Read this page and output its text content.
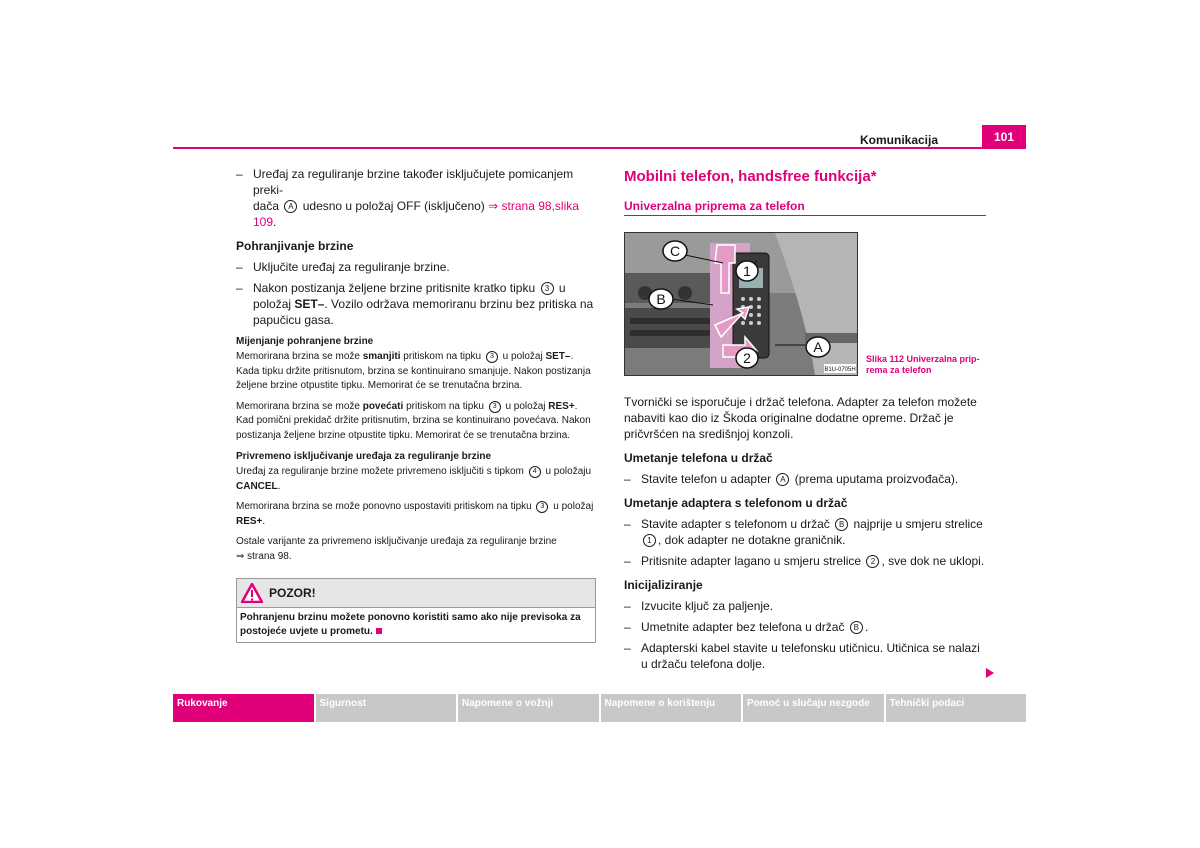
Komunikacija	101
– Uređaj za reguliranje brzine također isključujete pomicanjem preki-
dača A udesno u položaj OFF (isključeno) ⇒ strana 98,slika 109.
Pohranjivanje brzine
– Uključite uređaj za reguliranje brzine.
– Nakon postizanja željene brzine pritisnite kratko tipku 3 u položaj SET–. Vozilo održava memoriranu brzinu bez pritiska na papučicu gasa.
Mijenjanje pohranjene brzine

Memorirana brzina se može smanjiti pritiskom na tipku 3 u položaj SET–. Kada tipku držite pritisnutom, brzina se kontinuirano smanjuje. Nakon postizanja željene brzine otpustite tipku. Memorirat će se trenutačna brzina.

Memorirana brzina se može povećati pritiskom na tipku 3 u položaj RES+. Kad pomični prekidač držite pritisnutim, brzina se kontinuirano povećava. Nakon postizanja željene brzine otpustite tipku. Memorirat će se trenutačna brzina.

Privremeno isključivanje uređaja za reguliranje brzine

Uređaj za reguliranje brzine možete privremeno isključiti s tipkom 4 u položaju
CANCEL.

Memorirana brzina se može ponovno uspostaviti pritiskom na tipku 3 u položaj
RES+.

Ostale varijante za privremeno isključivanje uređaja za reguliranje brzine
⇒ strana 98.

POZOR!
Pohranjenu brzinu možete ponovno koristiti samo ako nije previsoka za postojeće uvjete u prometu.
Mobilni telefon, handsfree funkcija*
Univerzalna priprema za telefon
C
B
1
2
A
B1U-0705H
Slika 112 Univerzalna prip-
rema za telefon

Tvornički se isporučuje i držač telefona. Adapter za telefon možete nabaviti kao dio iz Škoda originalne dodatne opreme. Držač je pričvršćen na središnjoj konzoli.

Umetanje telefona u držač
– Stavite telefon u adapter A (prema uputama proizvođača).
Umetanje adaptera s telefonom u držač
– Stavite adapter s telefonom u držač B najprije u smjeru strelice 1 , dok adapter ne dotakne graničnik.
– Pritisnite adapter lagano u smjeru strelice 2 , sve dok ne uklopi.
Inicijaliziranje
– Izvucite ključ za paljenje.
– Umetnite adapter bez telefona u držač B .
– Adapterski kabel stavite u telefonsku utičnicu. Utičnica se nalazi u držaču telefona dolje.
Rukovanje	Sigurnost	Napomene o vožnji	Napomene o korištenju	Pomoć u slučaju nezgode	Tehnički podaci
